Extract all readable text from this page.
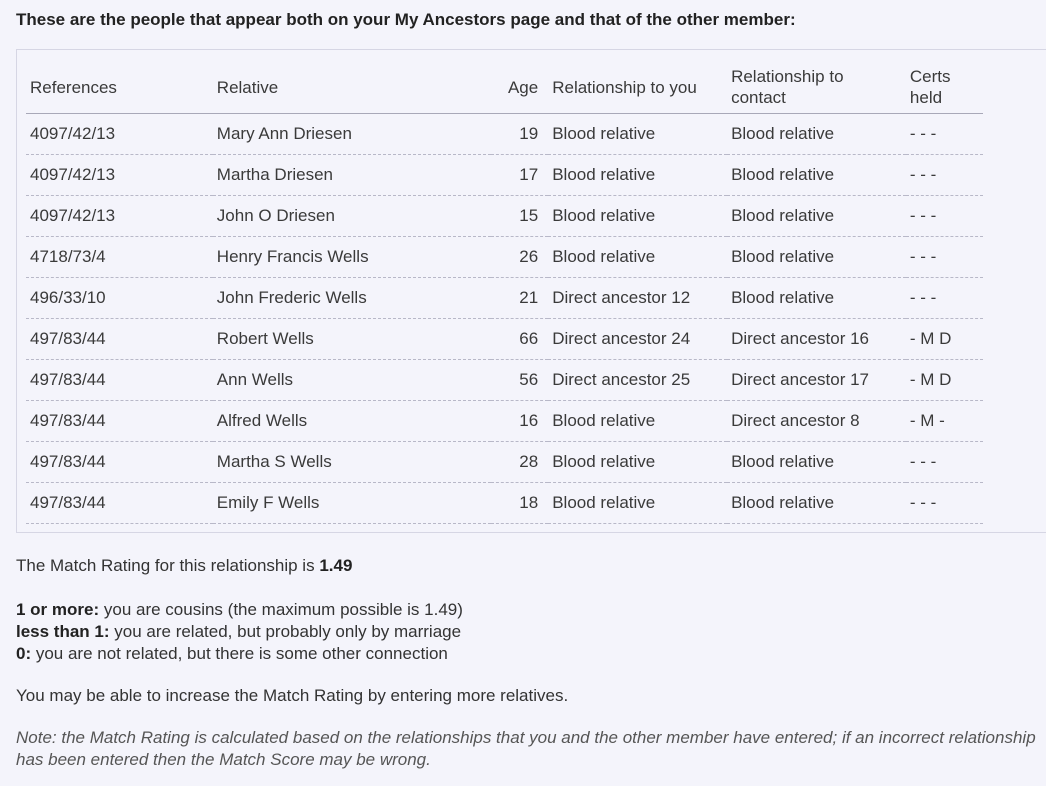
These are the people that appear both on your My Ancestors page and that of the other member:
References	Relative	Age	Relationship to you	Relationship to contact	Certs held
4097/42/13	Mary Ann Driesen	19	Blood relative	Blood relative	- - -
4097/42/13	Martha Driesen	17	Blood relative	Blood relative	- - -
4097/42/13	John O Driesen	15	Blood relative	Blood relative	- - -
4718/73/4	Henry Francis Wells	26	Blood relative	Blood relative	- - -
496/33/10	John Frederic Wells	21	Direct ancestor 12	Blood relative	- - -
497/83/44	Robert Wells	66	Direct ancestor 24	Direct ancestor 16	- M D
497/83/44	Ann Wells	56	Direct ancestor 25	Direct ancestor 17	- M D
497/83/44	Alfred Wells	16	Blood relative	Direct ancestor 8	- M -
497/83/44	Martha S Wells	28	Blood relative	Blood relative	- - -
497/83/44	Emily F Wells	18	Blood relative	Blood relative	- - -
The Match Rating for this relationship is 1.49
1 or more: you are cousins (the maximum possible is 1.49)
less than 1: you are related, but probably only by marriage
0: you are not related, but there is some other connection
You may be able to increase the Match Rating by entering more relatives.
Note: the Match Rating is calculated based on the relationships that you and the other member have entered; if an incorrect relationship has been entered then the Match Score may be wrong.
